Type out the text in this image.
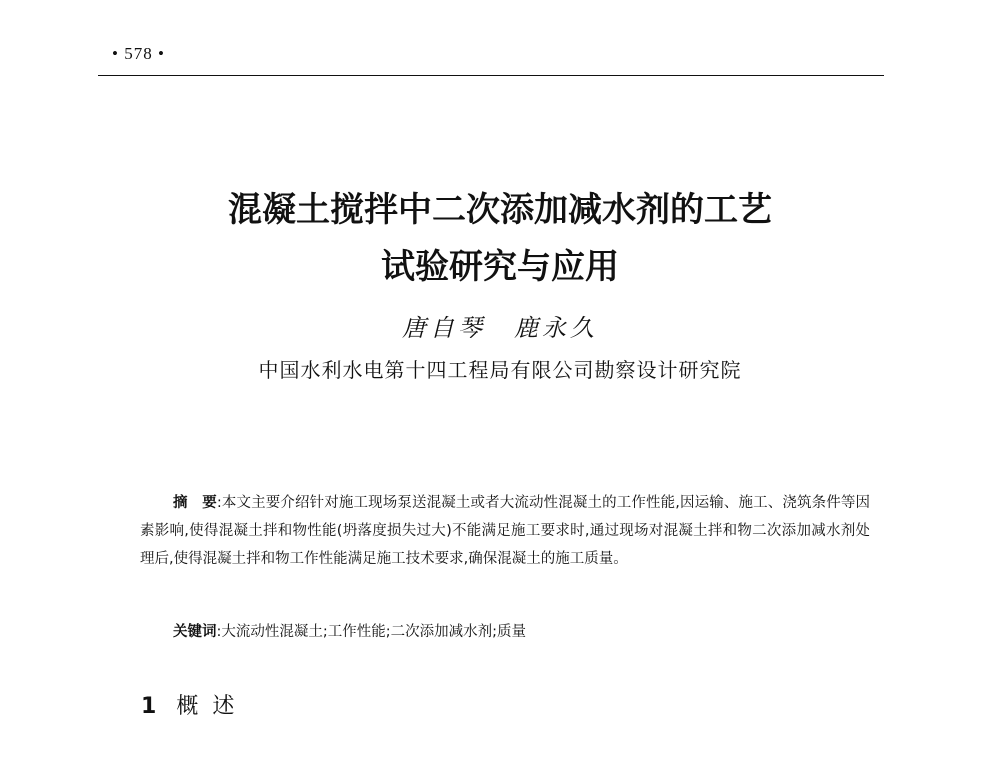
• 578 •
混凝土搅拌中二次添加减水剂的工艺
试验研究与应用
唐自琴 鹿永久
中国水利水电第十四工程局有限公司勘察设计研究院
摘　要:本文主要介绍针对施工现场泵送混凝土或者大流动性混凝土的工作性能,因运输、施工、浇筑条件等因素影响,使得混凝土拌和物性能(坍落度损失过大)不能满足施工要求时,通过现场对混凝土拌和物二次添加减水剂处理后,使得混凝土拌和物工作性能满足施工技术要求,确保混凝土的施工质量。
关键词:大流动性混凝土;工作性能;二次添加减水剂;质量
1 概述
